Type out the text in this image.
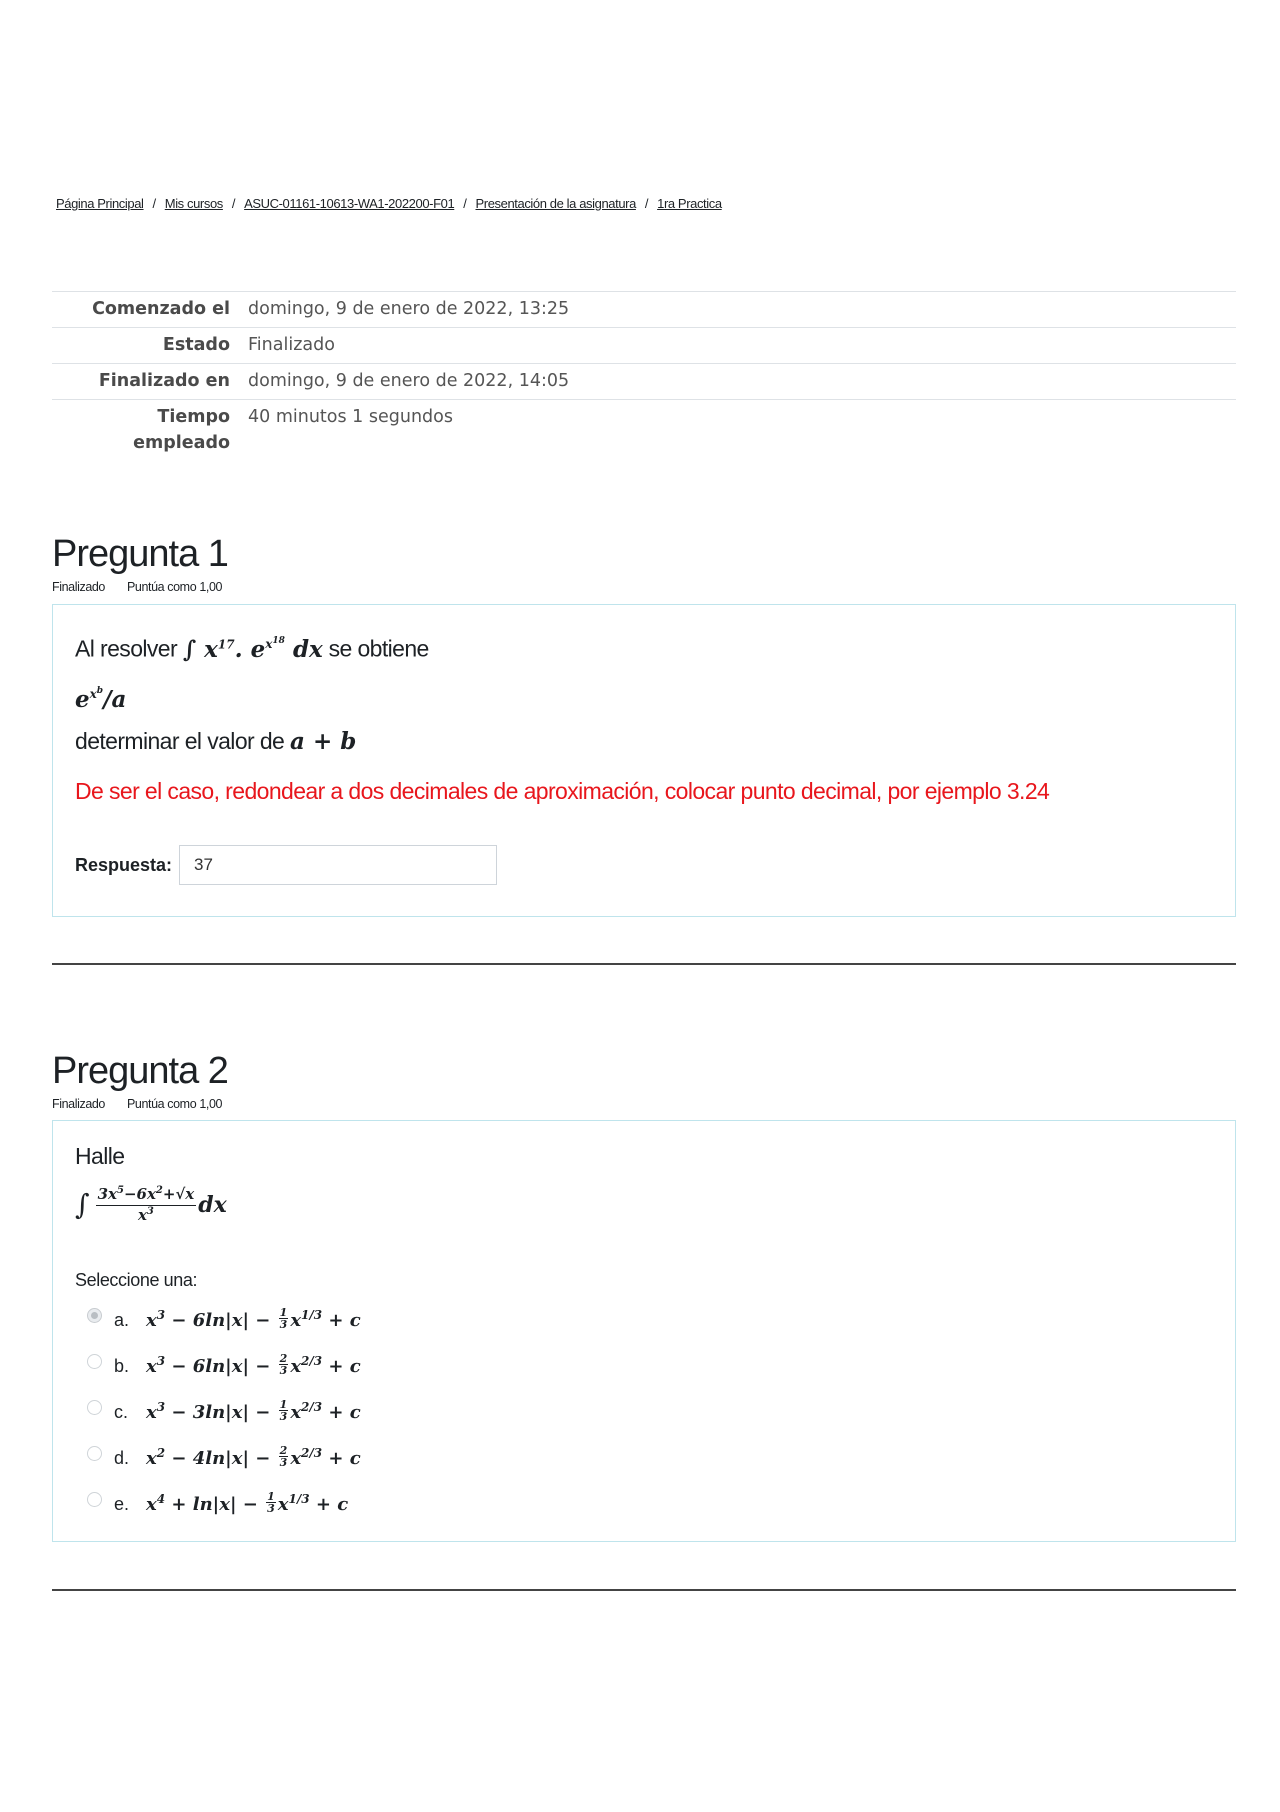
Página Principal / Mis cursos / ASUC-01161-10613-WA1-202200-F01 / Presentación de la asignatura / 1ra Practica
Comenzado el	domingo, 9 de enero de 2022, 13:25
Estado	Finalizado
Finalizado en	domingo, 9 de enero de 2022, 14:05
Tiempo
empleado	40 minutos 1 segundos
Pregunta 1
Finalizado Puntúa como 1,00
Al resolver ∫ $x^{17}$. $e^{x^{18}}$ dx se obtiene
$e^{x^b}/a$
determinar el valor de a + b
De ser el caso, redondear a dos decimales de aproximación, colocar punto decimal, por ejemplo 3.24
Respuesta:
37
Pregunta 2
Finalizado Puntúa como 1,00
Halle
∫ $3x^5-6x^2+√x$
$x^3$ dx
Seleccione una:
a. $x^3 - 6\ln|x| - \frac{1}{3} x^{1/3} + c$
b. $x^3 - 6\ln|x| - \frac{2}{3} x^{2/3} + c$
c. $x^3 - 3\ln|x| - \frac{1}{3} x^{2/3} + c$
d. $x^2 - 4\ln|x| - \frac{2}{3} x^{2/3} + c$
e. $x^4 + \ln|x| - \frac{1}{3} x^{1/3} + c$
